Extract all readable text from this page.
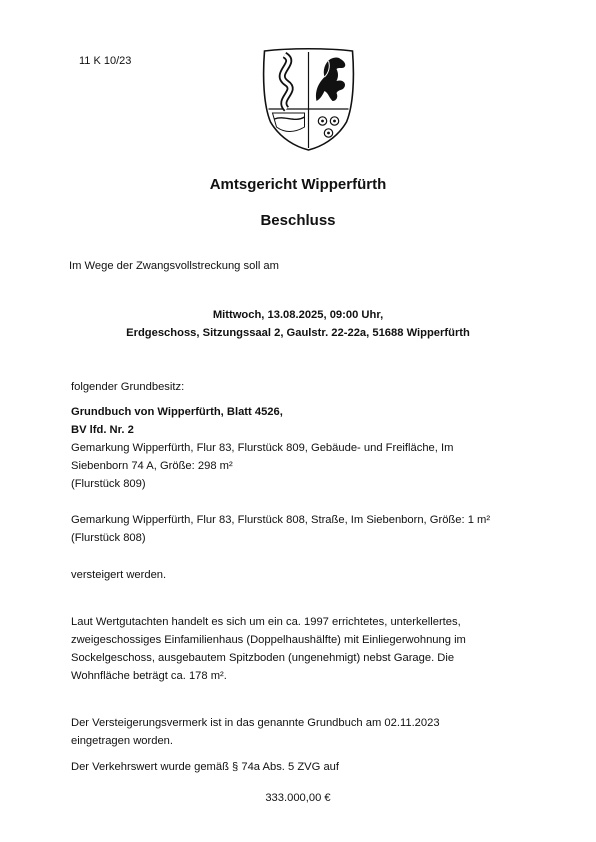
11 K 10/23
Amtsgericht Wipperfürth
Beschluss
Im Wege der Zwangsvollstreckung soll am
Mittwoch, 13.08.2025, 09:00 Uhr,
Erdgeschoss, Sitzungssaal 2, Gaulstr. 22-22a, 51688 Wipperfürth
folgender Grundbesitz:
Grundbuch von Wipperfürth, Blatt 4526,
BV lfd. Nr. 2
Gemarkung Wipperfürth, Flur 83, Flurstück 809, Gebäude- und Freifläche, Im
Siebenborn 74 A, Größe: 298 m²
(Flurstück 809)
Gemarkung Wipperfürth, Flur 83, Flurstück 808, Straße, Im Siebenborn, Größe: 1 m²
(Flurstück 808)
versteigert werden.
Laut Wertgutachten handelt es sich um ein ca. 1997 errichtetes, unterkellertes,
zweigeschossiges Einfamilienhaus (Doppelhaushälfte) mit Einliegerwohnung im
Sockelgeschoss, ausgebautem Spitzboden (ungenehmigt) nebst Garage. Die
Wohnfläche beträgt ca. 178 m².
Der Versteigerungsvermerk ist in das genannte Grundbuch am 02.11.2023
eingetragen worden.
Der Verkehrswert wurde gemäß § 74a Abs. 5 ZVG auf
333.000,00 €
